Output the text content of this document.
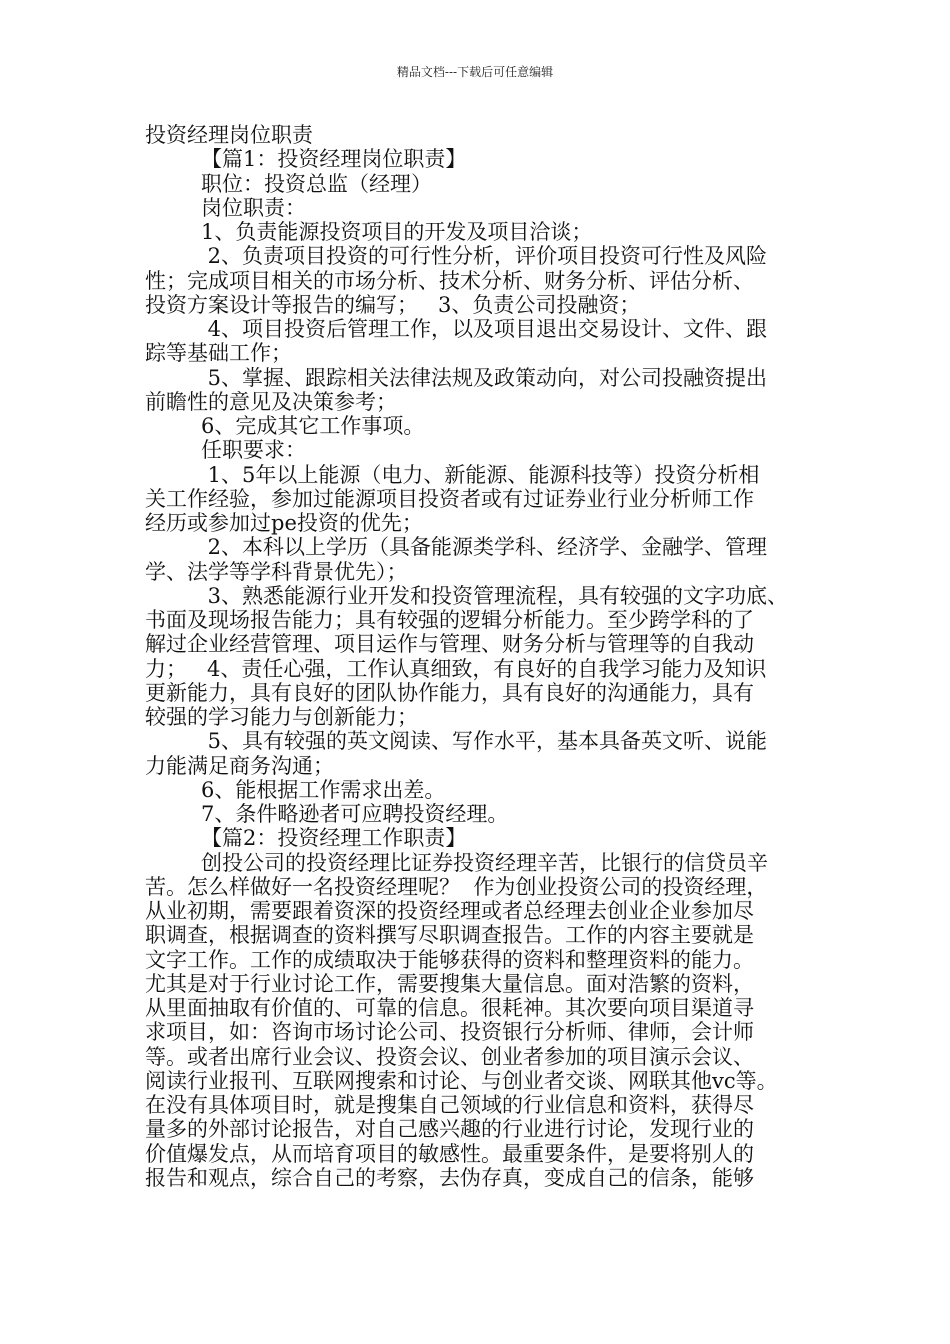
精品文档---下载后可任意编辑
投资经理岗位职责
【篇1：投资经理岗位职责】
职位：投资总监（经理）
岗位职责：
1、负责能源投资项目的开发及项目洽谈；
2、负责项目投资的可行性分析，评价项目投资可行性及风险
性；完成项目相关的市场分析、技术分析、财务分析、评估分析、
投资方案设计等报告的编写；   3、负责公司投融资；
4、项目投资后管理工作，以及项目退出交易设计、文件、跟
踪等基础工作；
5、掌握、跟踪相关法律法规及政策动向，对公司投融资提出
前瞻性的意见及决策参考；
6、完成其它工作事项。
任职要求：
1、5年以上能源（电力、新能源、能源科技等）投资分析相
关工作经验，参加过能源项目投资者或有过证券业行业分析师工作
经历或参加过pe投资的优先；
2、本科以上学历（具备能源类学科、经济学、金融学、管理
学、法学等学科背景优先）；
3、熟悉能源行业开发和投资管理流程，具有较强的文字功底、
书面及现场报告能力；具有较强的逻辑分析能力。至少跨学科的了
解过企业经营管理、项目运作与管理、财务分析与管理等的自我动
力；   4、责任心强，工作认真细致，有良好的自我学习能力及知识
更新能力，具有良好的团队协作能力，具有良好的沟通能力，具有
较强的学习能力与创新能力；
5、具有较强的英文阅读、写作水平，基本具备英文听、说能
力能满足商务沟通；
6、能根据工作需求出差。
7、条件略逊者可应聘投资经理。
【篇2：投资经理工作职责】
创投公司的投资经理比证券投资经理辛苦，比银行的信贷员辛
苦。怎么样做好一名投资经理呢？  作为创业投资公司的投资经理，
从业初期，需要跟着资深的投资经理或者总经理去创业企业参加尽
职调查，根据调查的资料撰写尽职调查报告。工作的内容主要就是
文字工作。工作的成绩取决于能够获得的资料和整理资料的能力。
尤其是对于行业讨论工作，需要搜集大量信息。面对浩繁的资料，
从里面抽取有价值的、可靠的信息。很耗神。其次要向项目渠道寻
求项目，如：咨询市场讨论公司、投资银行分析师、律师，会计师
等。或者出席行业会议、投资会议、创业者参加的项目演示会议、
阅读行业报刊、互联网搜索和讨论、与创业者交谈、网联其他vc等。
在没有具体项目时，就是搜集自己领域的行业信息和资料，获得尽
量多的外部讨论报告，对自己感兴趣的行业进行讨论，发现行业的
价值爆发点，从而培育项目的敏感性。最重要条件，是要将别人的
报告和观点，综合自己的考察，去伪存真，变成自己的信条，能够
